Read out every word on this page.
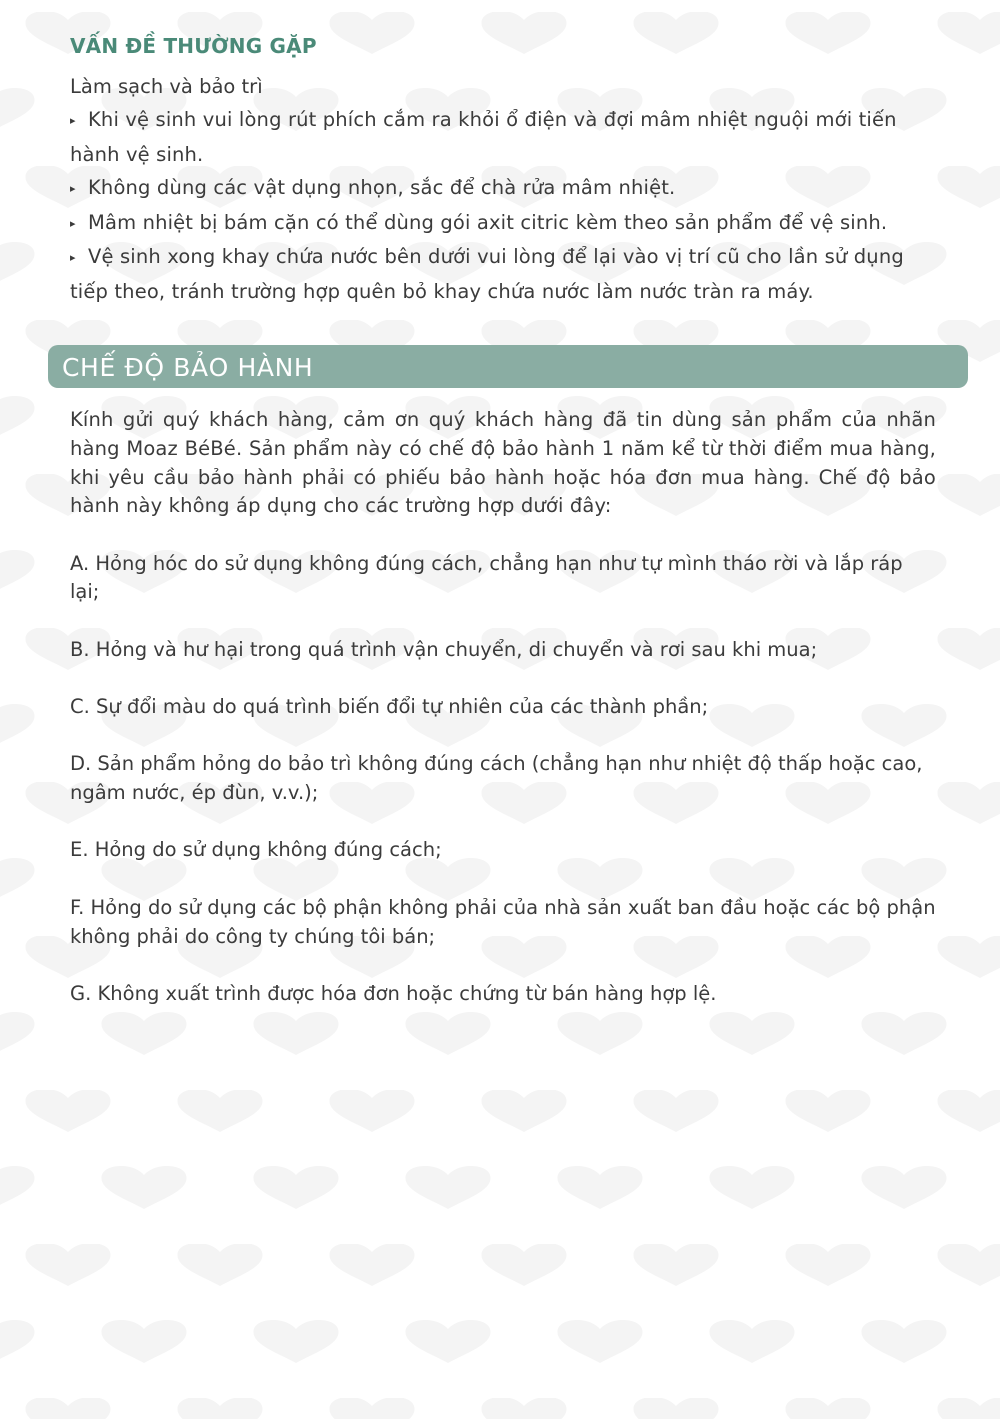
VẤN ĐỀ THƯỜNG GẶP

Làm sạch và bảo trì

▸ Khi vệ sinh vui lòng rút phích cắm ra khỏi ổ điện và đợi mâm nhiệt nguội mới tiến hành vệ sinh.
▸ Không dùng các vật dụng nhọn, sắc để chà rửa mâm nhiệt.
▸ Mâm nhiệt bị bám cặn có thể dùng gói axit citric kèm theo sản phẩm để vệ sinh.
▸ Vệ sinh xong khay chứa nước bên dưới vui lòng để lại vào vị trí cũ cho lần sử dụng tiếp theo, tránh trường hợp quên bỏ khay chứa nước làm nước tràn ra máy.
CHẾ ĐỘ BẢO HÀNH

Kính gửi quý khách hàng, cảm ơn quý khách hàng đã tin dùng sản phẩm của nhãn hàng Moaz BéBé. Sản phẩm này có chế độ bảo hành 1 năm kể từ thời điểm mua hàng, khi yêu cầu bảo hành phải có phiếu bảo hành hoặc hóa đơn mua hàng. Chế độ bảo hành này không áp dụng cho các trường hợp dưới đây:

A. Hỏng hóc do sử dụng không đúng cách, chẳng hạn như tự mình tháo rời và lắp ráp lại;

B. Hỏng và hư hại trong quá trình vận chuyển, di chuyển và rơi sau khi mua;

C. Sự đổi màu do quá trình biến đổi tự nhiên của các thành phần;

D. Sản phẩm hỏng do bảo trì không đúng cách (chẳng hạn như nhiệt độ thấp hoặc cao, ngâm nước, ép đùn, v.v.);

E. Hỏng do sử dụng không đúng cách;

F. Hỏng do sử dụng các bộ phận không phải của nhà sản xuất ban đầu hoặc các bộ phận không phải do công ty chúng tôi bán;

G. Không xuất trình được hóa đơn hoặc chứng từ bán hàng hợp lệ.
